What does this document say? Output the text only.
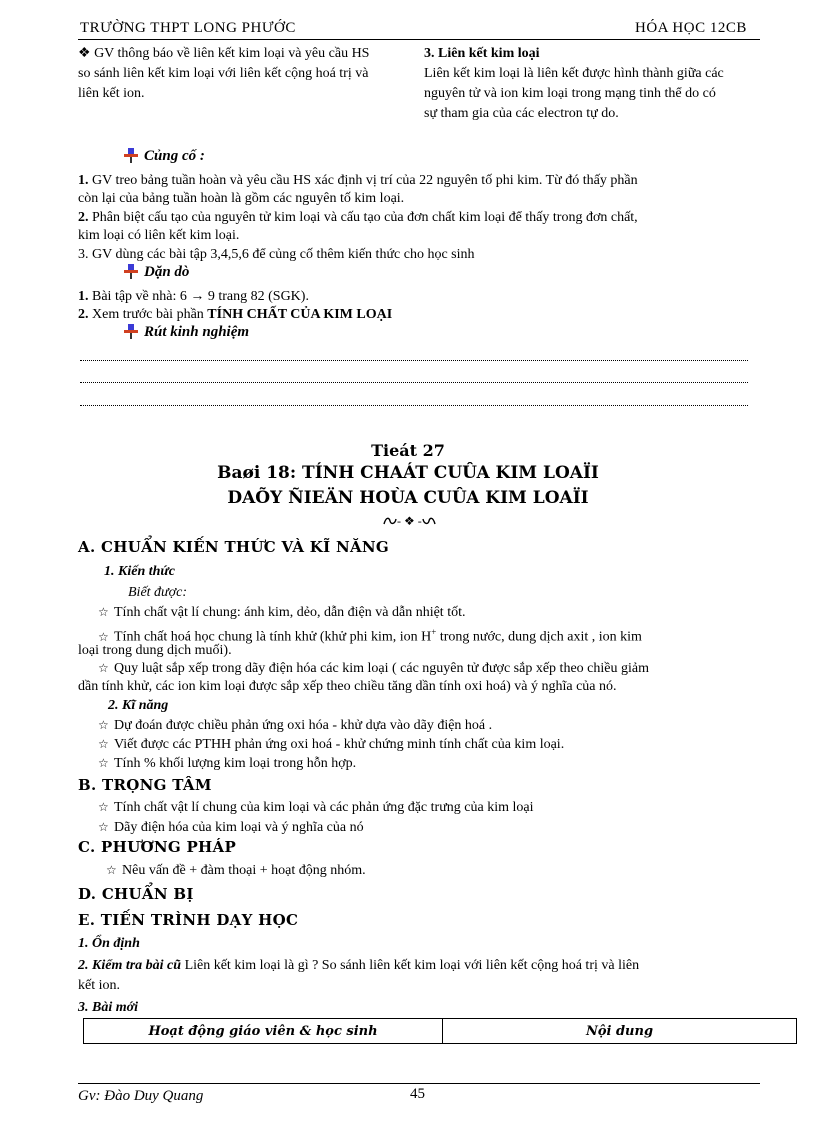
TRƯỜNG THPT LONG PHƯỚC	HÓA HỌC 12CB
❖ GV thông báo về liên kết kim loại và yêu cầu HS
so sánh liên kết kim loại với liên kết cộng hoá trị và
liên kết ion.
3. Liên kết kim loại
Liên kết kim loại là liên kết được hình thành giữa các
nguyên tử và ion kim loại trong mạng tinh thể do có
sự tham gia của các electron tự do.
Củng cố :
1. GV treo bảng tuần hoàn và yêu cầu HS xác định vị trí của 22 nguyên tố phi kim. Từ đó thấy phần
còn lại của bảng tuần hoàn là gồm các nguyên tố kim loại.
2. Phân biệt cấu tạo của nguyên tử kim loại và cấu tạo của đơn chất kim loại để thấy trong đơn chất,
kim loại có liên kết kim loại.
3. GV dùng các bài tập 3,4,5,6 để củng cố thêm kiến thức cho học sinh
Dặn dò
1. Bài tập về nhà: 6 → 9 trang 82 (SGK).
2. Xem trước bài phần TÍNH CHẤT CỦA KIM LOẠI
Rút kinh nghiệm
Tieát 27
Baøi 18: TÍNH CHAÁT CUÛA KIM LOAÏI
DAÕY ÑIEÄN HOÙA CUÛA KIM LOAÏI
- ❖ -
A. CHUẨN KIẾN THỨC VÀ KĨ NĂNG
1. Kiến thức
Biết được:
☆ Tính chất vật lí chung: ánh kim, dẻo, dẫn điện và dẫn nhiệt tốt.
☆ Tính chất hoá học chung là tính khử (khử phi kim, ion H+ trong nước, dung dịch axit , ion kim
loại trong dung dịch muối).
☆ Quy luật sắp xếp trong dãy điện hóa các kim loại ( các nguyên tử được sắp xếp theo chiều giảm
dần tính khử, các ion kim loại được sắp xếp theo chiều tăng dần tính oxi hoá) và ý nghĩa của nó.
2. Kĩ năng
☆ Dự đoán được chiều phản ứng oxi hóa - khử dựa vào dãy điện hoá .
☆ Viết được các PTHH phản ứng oxi hoá - khử chứng minh tính chất của kim loại.
☆ Tính % khối lượng kim loại trong hỗn hợp.
B. TRỌNG TÂM
☆ Tính chất vật lí chung của kim loại và các phản ứng đặc trưng của kim loại
☆ Dãy điện hóa của kim loại và ý nghĩa của nó
C. PHƯƠNG PHÁP
☆ Nêu vấn đề + đàm thoại + hoạt động nhóm.
D. CHUẨN BỊ
E. TIẾN TRÌNH DẠY HỌC
1. Ổn định
2. Kiểm tra bài cũ Liên kết kim loại là gì ? So sánh liên kết kim loại với liên kết cộng hoá trị và liên
kết ion.
3. Bài mới
Hoạt động giáo viên & học sinh	Nội dung
Gv: Đào Duy Quang	45
